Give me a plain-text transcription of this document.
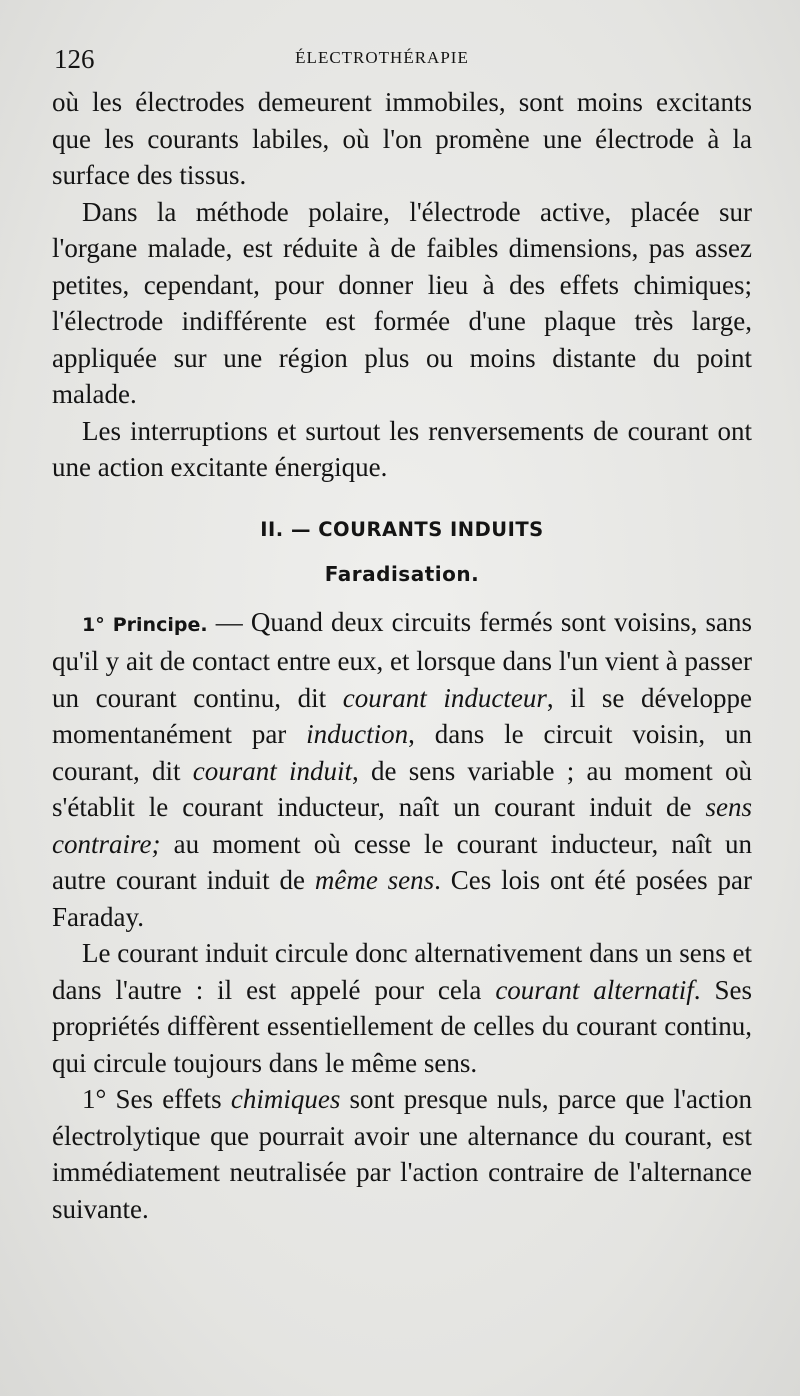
126	ÉLECTROTHÉRAPIE

où les électrodes demeurent immobiles, sont moins excitants que les courants labiles, où l'on promène une électrode à la surface des tissus.

Dans la méthode polaire, l'électrode active, placée sur l'organe malade, est réduite à de faibles dimensions, pas assez petites, cependant, pour donner lieu à des effets chimiques; l'électrode indifférente est formée d'une plaque très large, appliquée sur une région plus ou moins distante du point malade.

Les interruptions et surtout les renversements de courant ont une action excitante énergique.

II. — COURANTS INDUITS
Faradisation.

1° Principe. — Quand deux circuits fermés sont voisins, sans qu'il y ait de contact entre eux, et lorsque dans l'un vient à passer un courant continu, dit courant inducteur, il se développe momentanément par induction, dans le circuit voisin, un courant, dit courant induit, de sens variable ; au moment où s'établit le courant inducteur, naît un courant induit de sens contraire; au moment où cesse le courant inducteur, naît un autre courant induit de même sens. Ces lois ont été posées par Faraday.

Le courant induit circule donc alternativement dans un sens et dans l'autre : il est appelé pour cela courant alternatif. Ses propriétés diffèrent essentiellement de celles du courant continu, qui circule toujours dans le même sens.

1° Ses effets chimiques sont presque nuls, parce que l'action électrolytique que pourrait avoir une alternance du courant, est immédiatement neutralisée par l'action contraire de l'alternance suivante.
